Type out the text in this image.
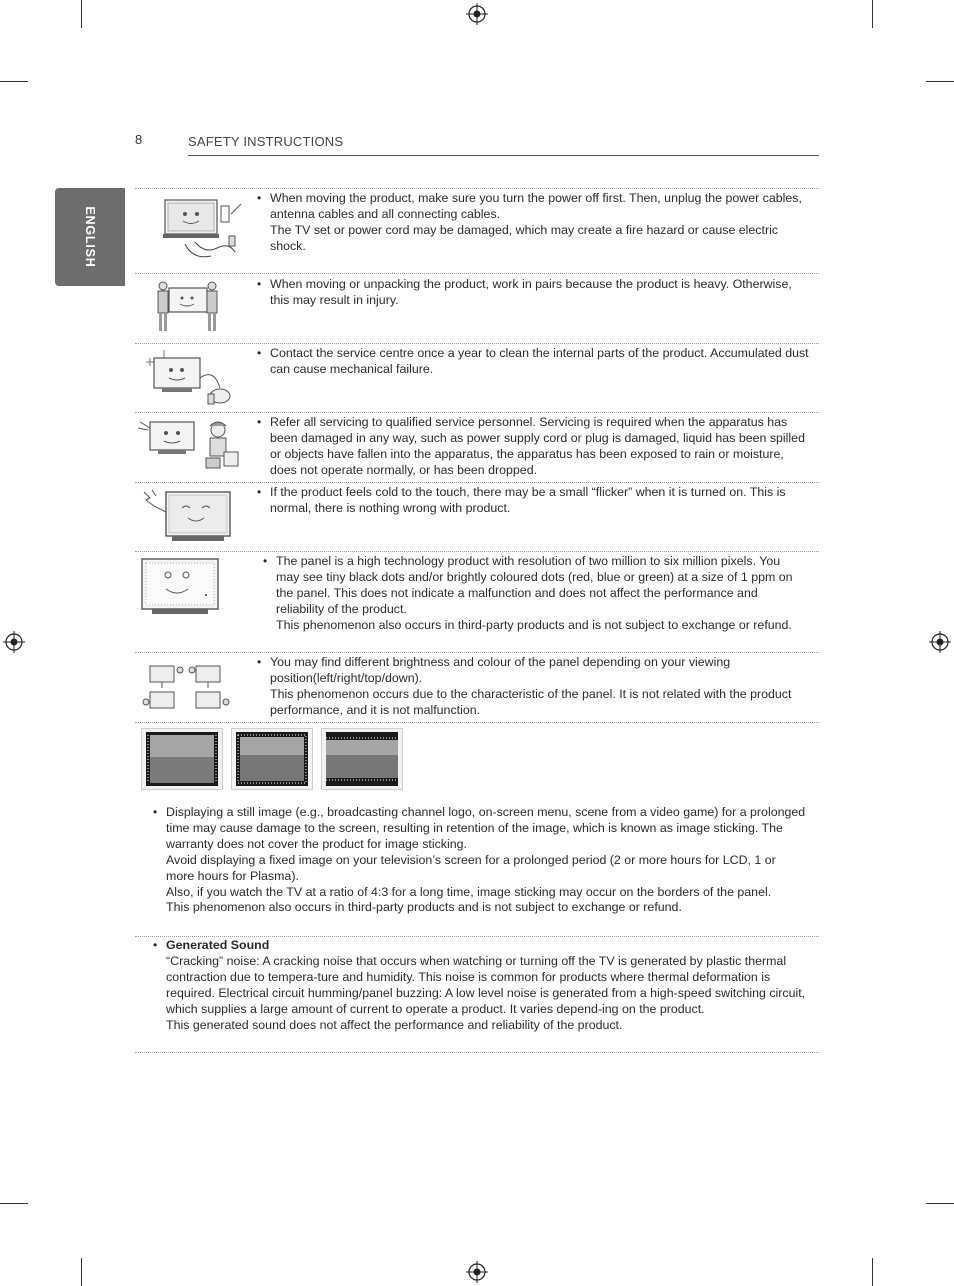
8	SAFETY INSTRUCTIONS
ENGLISH
• When moving the product, make sure you turn the power off first. Then, unplug the power cables, antenna cables and all connecting cables.

The TV set or power cord may be damaged, which may create a fire hazard or cause electric shock.

• When moving or unpacking the product, work in pairs because the product is heavy. Otherwise, this may result in injury.

• Contact the service centre once a year to clean the internal parts of the product. Accumulated dust can cause mechanical failure.

• Refer all servicing to qualified service personnel. Servicing is required when the apparatus has been damaged in any way, such as power supply cord or plug is damaged, liquid has been spilled or objects have fallen into the apparatus, the apparatus has been exposed to rain or moisture, does not operate normally, or has been dropped.

• If the product feels cold to the touch, there may be a small “flicker” when it is turned on. This is normal, there is nothing wrong with product.

• The panel is a high technology product with resolution of two million to six million pixels. You may see tiny black dots and/or brightly coloured dots (red, blue or green) at a size of 1 ppm on the panel. This does not indicate a malfunction and does not affect the performance and reliability of the product.

This phenomenon also occurs in third-party products and is not subject to exchange or refund.

• You may find different brightness and colour of the panel depending on your viewing position(left/right/top/down).

This phenomenon occurs due to the characteristic of the panel. It is not related with the product performance, and it is not malfunction.

• Displaying a still image (e.g., broadcasting channel logo, on-screen menu, scene from a video game) for a prolonged time may cause damage to the screen, resulting in retention of the image, which is known as image sticking. The warranty does not cover the product for image sticking.

Avoid displaying a fixed image on your television’s screen for a prolonged period (2 or more hours for LCD, 1 or more hours for Plasma).

Also, if you watch the TV at a ratio of 4:3 for a long time, image sticking may occur on the borders of the panel.

This phenomenon also occurs in third-party products and is not subject to exchange or refund.

• Generated Sound

“Cracking” noise: A cracking noise that occurs when watching or turning off the TV is generated by plastic thermal contraction due to tempera-ture and humidity. This noise is common for products where thermal deformation is required. Electrical circuit humming/panel buzzing: A low level noise is generated from a high-speed switching circuit, which supplies a large amount of current to operate a product. It varies depend-ing on the product.

This generated sound does not affect the performance and reliability of the product.
